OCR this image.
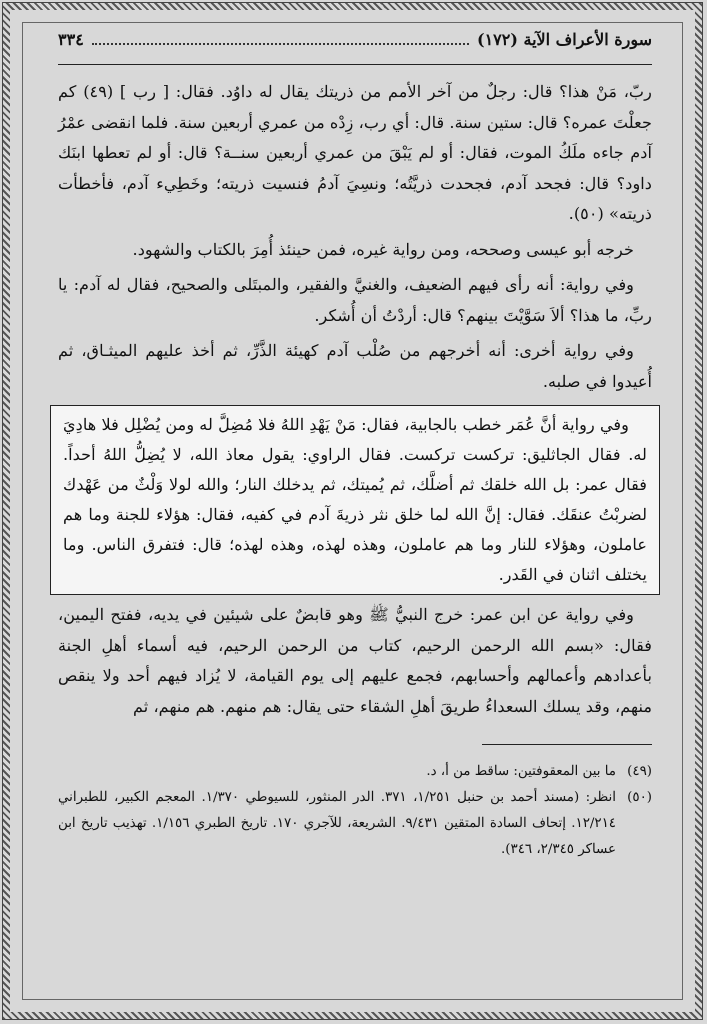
سورة الأعراف الآية (١٧٢)
٣٣٤

ربّ، مَنْ هذا؟ قال: رجلٌ من آخر الأمم من ذريتك يقال له داوُد. فقال: [ رب ] (٤٩) كم جعلْتَ عمره؟ قال: ستين سنة. قال: أي رب، زِدْه من عمري أربعين سنة. فلما انقضى عمْرُ آدم جاءه ملَكُ الموت، فقال: أو لم يَبْقَ من عمري أربعين سنــة؟ قال: أو لم تعطها ابنَك داود؟ قال: فجحد آدم، فجحدت ذريَّتُه؛ ونسِيَ آدمُ فنسيت ذريته؛ وخَطِيء آدم، فأخطأت ذريته» (٥٠).

خرجه أبو عيسى وصححه، ومن رواية غيره، فمن حينئذ أُمِرَ بالكتاب والشهود.

وفي رواية: أنه رأى فيهم الضعيف، والغنيَّ والفقير، والمبتَلى والصحيح، فقال له آدم: يا ربِّ، ما هذا؟ ألاَ سَوَّيْتَ بينهم؟ قال: أردْتُ أن أُشكر.

وفي رواية أخرى: أنه أخرجهم من صُلْب آدم كهيئة الذَّرِّ، ثم أخذ عليهم الميثـاق، ثم أُعيدوا في صلبه.

وفي رواية أنَّ عُمَر خطب بالجابية، فقال: مَنْ يَهْدِ اللهُ فلا مُضِلَّ له ومن يُضْلِل فلا هادِيَ له. فقال الجاثليق: تركست تركست. فقال الراوي: يقول معاذ الله، لا يُضِلُّ اللهُ أحداً. فقال عمر: بل الله خلقك ثم أضلَّك، ثم يُميتك، ثم يدخلك النار؛ والله لولا وَلْثٌ من عَهْدك لضربْتُ عنقَك. فقال: إنَّ الله لما خلق نثر ذريةَ آدم في كفيه، فقال: هؤلاء للجنة وما هم عاملون، وهؤلاء للنار وما هم عاملون، وهذه لهذه، وهذه لهذه؛ قال: فتفرق الناس. وما يختلف اثنان في القَدر.

وفي رواية عن ابن عمر: خرج النبيُّ ﷺ وهو قابضٌ على شيئين في يديه، ففتح اليمين، فقال: «بسم الله الرحمن الرحيم، كتاب من الرحمن الرحيم، فيه أسماء أهلِ الجنة بأعدادهم وأعمالهم وأحسابهم، فجمع عليهم إلى يوم القيامة، لا يُزاد فيهم أحد ولا ينقص منهم، وقد يسلك السعداءُ طريقَ أهلِ الشقاء حتى يقال: هم منهم. هم منهم، ثم

(٤٩)
ما بين المعقوفتين: ساقط من أ، د.
(٥٠)
انظر: (مسند أحمد بن حنبل ١/٢٥١، ٣٧١. الدر المنثور، للسيوطي ١/٣٧٠. المعجم الكبير، للطبراني ١٢/٢١٤. إتحاف السادة المتقين ٩/٤٣١. الشريعة، للآجري ١٧٠. تاريخ الطبري ١/١٥٦. تهذيب تاريخ ابن عساكر ٢/٣٤٥، ٣٤٦).
